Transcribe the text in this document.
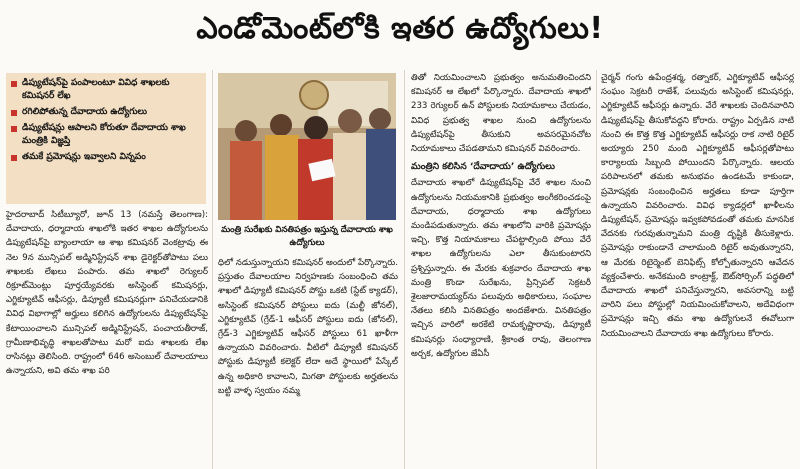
ఎండోమెంట్‌లోకి ఇతర ఉద్యోగులు!
డిప్యుటేషన్‌పై పంపాలంటూ వివిధ శాఖలకు కమిషనర్ లేఖ
రగిలిపోతున్న దేవాదాయ ఉద్యోగులు
డిప్యుటేషన్లు ఆపాలని కోరుతూ దేవాదాయ శాఖ మంత్రికి విజ్ఞప్తి
తమకే ప్రమోషన్లు ఇవ్వాలని విన్నపం
మంత్రి సురేఖకు వినతిపత్రం ఇస్తున్న దేవాదాయ శాఖ ఉద్యోగులు

హైదరాబాద్ సిటీబ్యూరో, జూన్ 13 (నమస్తే తెలంగాణ): దేవాదాయ, ధర్మాదాయ శాఖలోకి ఇతర శాఖల ఉద్యోగులను డిప్యుటేషన్‌పై బ్యాంలాయా ఆ శాఖ కమిషనర్ వెంకట్రావు ఈ నెల 9న మున్సిపల్ అడ్మినిస్ట్రేషన్ శాఖ డైరెక్టర్‌తోపాటు పలు శాఖలకు లేఖలు పంపారు. తమ శాఖలో రెగ్యులర్ రిక్రూట్‌మెంట్లు పూర్తయ్యేవరకు అసిస్టెంట్ కమిషనర్లు, ఎగ్జిక్యూటివ్ ఆఫీసర్లు, డిప్యూటీ కమిషనర్లుగా పనిచేయడానికి వివిధ విభాగాల్లో అర్హులు కలిగిన ఉద్యోగులను డిప్యుటేషన్‌పై కేటాయించాలని మున్సిపల్ అడ్మినిస్ట్రేషన్, పంచాయతీరాజ్, గ్రామీణాభివృద్ధి శాఖలతోపాటు మరో ఐదు శాఖలకు లేఖ రాసినట్లు తెలిసింది. రాష్ట్రంలో 646 అసెంబుల్ దేవాలయాలు ఉన్నాయని, అవి తమ శాఖ పరి

ధిలో నడుస్తున్నాయని కమిషనర్ అందులో పేర్కొన్నారు. ప్రస్తుతం దేవాలయాల నిర్వహణకు సంబంధించి తమ శాఖలో డిప్యూటీ కమిషనర్ పోస్టు ఒకటి (స్టేట్ క్యాడర్), అసిస్టెంట్ కమిషనర్ పోస్టులు ఐదు (మల్టీ జోనల్), ఎగ్జిక్యూటివ్ (గ్రేడ్-1 ఆఫీసర్ పోస్టులు ఐదు (జోనల్), గ్రేడ్-3 ఎగ్జిక్యూటివ్ ఆఫీసర్ పోస్టులు 61 ఖాళీగా ఉన్నాయని వివరించారు. వీటిలో డిప్యూటీ కమిషనర్ పోస్టుకు డిప్యూటీ కలెక్టర్ లేదా అదే స్థాయిలో పేస్కేల్ ఉన్న అధికారి కావాలని, మిగతా పోస్టులకు అర్హతలను బట్టి వాళ్ళ స్వయం నమ్మ

తితో నియమించాలని ప్రభుత్వం అనుమతించిందని కమిషనర్ ఆ లేఖలో పేర్కొన్నారు. దేవాదాయ శాఖలో 233 రెగ్యులర్ ఉన్‌ పోస్టులకు నియామకాలు చేయడం, వివిధ ప్రభుత్వ శాఖల నుంచి ఉద్యోగులను డిప్యుటేషన్‌పై తీసుకుని అవసరమైనచోట నియామకాలు చేపడతామని కమిషనర్ వివరించారు.

మంత్రిని కలిసిన ‘దేవాదాయ’ ఉద్యోగులు

దేవాదాయ శాఖలో డిప్యుటేషన్‌పై వేరే శాఖల నుంచి ఉద్యోగులను నియమకానికి ప్రభుత్వం అంగీకరించడంపై దేవాదాయ, ధర్మాదాయ శాఖ ఉద్యోగులు మండిపడుతున్నారు. తమ శాఖలోని వారికి ప్రమోషన్లు ఇచ్చి, కొత్త నియామకాలు చేపట్టాల్సింది పోయి వేరే శాఖల ఉద్యోగులను ఎలా తీసుకుంటారని ప్రశ్నిస్తున్నారు. ఈ మేరకు శుక్రవారం దేవాదాయ శాఖ మంత్రి కొండా సురేఖను, ప్రిన్సిపల్ సెక్రటరీ శైలజారామయ్యర్‌ను పలువురు అధికారులు, సంఘాల నేతలు కలిసి వినతిపత్రం అందజేశారు. వినతిపత్రం ఇచ్చిన వారిలో అరకేటి రామకృష్ణారావు, డిప్యూటీ కమిషనర్లు సంధ్యారాణి, శ్రీకాంత రావు, తెలంగాణ అర్చక, ఉద్యోగుల జేఏసీ

చైర్మన్ గంగు ఉపేంద్రశర్మ, రత్నాకర్, ఎగ్జిక్యూటివ్ ఆఫీసర్ల సంఘం సెక్రటరీ రాజేశ్, పలువురు అసిస్టెంట్ కమిషనర్లు, ఎగ్జిక్యూటివ్ ఆఫీసర్లు ఉన్నారు. వేరే శాఖలకు చెందినవారిని డిప్యుటేషన్‌పై తీసుకోవద్దని కోరారు. రాష్ట్రం ఏర్పడిన నాటి నుంచి ఈ కొత్త కొత్త ఎగ్జిక్యూటివ్ ఆఫీసర్లు రాక నాటి రిటైర్ అయ్యారు 250 మంది ఎగ్జిక్యూటివ్ ఆఫీసర్లతోపాటు కార్యాలయ సిబ్బంది పోయిందని పేర్కొన్నారు. ఆలయ పరిపాలనలో తమకు అనుభవం ఉండటమే కాకుండా, ప్రమోషన్లకు సంబంధించిన అర్హతలు కూడా పూర్తిగా ఉన్నాయని వివరించారు. వివిధ క్యాడర్లలో ఖాళీలను డిప్యుటేషన్, ప్రమోషన్లు ఇవ్వకపోవడంతో తమకు మానసిక వేదనకు గురవుతున్నామని మంత్రి దృష్టికి తీసుకెళ్లారు. ప్రమోషన్లు రాకుండానే చాలామంది రిటైర్ అవుతున్నారని, ఆ మేరకు రిటైర్మెంట్ బెనిఫిట్స్ కోల్పోతున్నారని ఆవేదన వ్యక్తంచేశారు. అనేకమంది కాంట్రాక్ట్, ఔట్‌సోర్సింగ్ పద్ధతిలో దేవాదాయ శాఖలో పనిచేస్తున్నారని, అవసరాన్ని బట్టి వారిని పలు పోస్టుల్లో నియమించుకోవాలని, అదేవిధంగా ప్రమోషన్లు ఇచ్చి తమ శాఖ ఉద్యోగులనే ఈవోలుగా నియమించాలని దేవాదాయ శాఖ ఉద్యోగులు కోరారు.
